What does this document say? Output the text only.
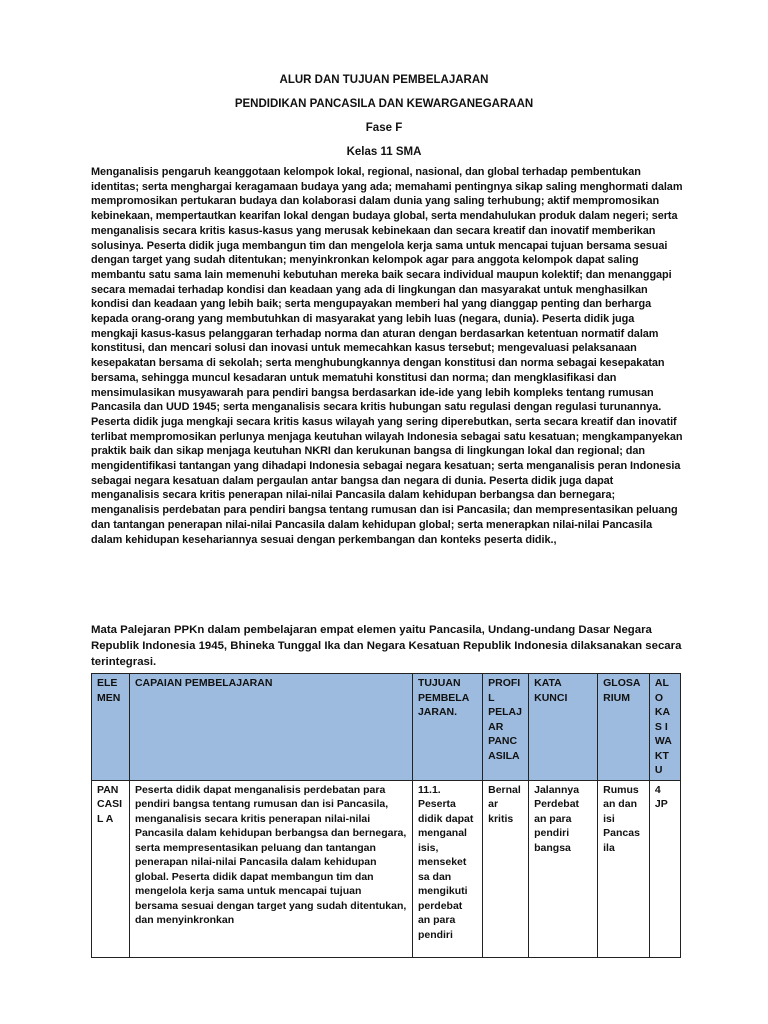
ALUR DAN TUJUAN PEMBELAJARAN
PENDIDIKAN PANCASILA DAN KEWARGANEGARAAN
Fase F
Kelas 11 SMA
Menganalisis pengaruh keanggotaan kelompok lokal, regional, nasional, dan global terhadap pembentukan identitas; serta menghargai keragamaan budaya yang ada; memahami pentingnya sikap saling menghormati dalam mempromosikan pertukaran budaya dan kolaborasi dalam dunia yang saling terhubung; aktif mempromosikan kebinekaan, mempertautkan kearifan lokal dengan budaya global, serta mendahulukan produk dalam negeri; serta menganalisis secara kritis kasus-kasus yang merusak kebinekaan dan secara kreatif dan inovatif memberikan solusinya. Peserta didik juga membangun tim dan mengelola kerja sama untuk mencapai tujuan bersama sesuai dengan target yang sudah ditentukan; menyinkronkan kelompok agar para anggota kelompok dapat saling membantu satu sama lain memenuhi kebutuhan mereka baik secara individual maupun kolektif; dan menanggapi secara memadai terhadap kondisi dan keadaan yang ada di lingkungan dan masyarakat untuk menghasilkan kondisi dan keadaan yang lebih baik; serta mengupayakan memberi hal yang dianggap penting dan berharga kepada orang-orang yang membutuhkan di masyarakat yang lebih luas (negara, dunia). Peserta didik juga mengkaji kasus-kasus pelanggaran terhadap norma dan aturan dengan berdasarkan ketentuan normatif dalam konstitusi, dan mencari solusi dan inovasi untuk memecahkan kasus tersebut; mengevaluasi pelaksanaan kesepakatan bersama di sekolah; serta menghubungkannya dengan konstitusi dan norma sebagai kesepakatan bersama, sehingga muncul kesadaran untuk mematuhi konstitusi dan norma; dan mengklasifikasi dan mensimulasikan musyawarah para pendiri bangsa berdasarkan ide-ide yang lebih kompleks tentang rumusan Pancasila dan UUD 1945; serta menganalisis secara kritis hubungan satu regulasi dengan regulasi turunannya. Peserta didik juga mengkaji secara kritis kasus wilayah yang sering diperebutkan, serta secara kreatif dan inovatif terlibat mempromosikan perlunya menjaga keutuhan wilayah Indonesia sebagai satu kesatuan; mengkampanyekan praktik baik dan sikap menjaga keutuhan NKRI dan kerukunan bangsa di lingkungan lokal dan regional; dan mengidentifikasi tantangan yang dihadapi Indonesia sebagai negara kesatuan; serta menganalisis peran Indonesia sebagai negara kesatuan dalam pergaulan antar bangsa dan negara di dunia. Peserta didik juga dapat menganalisis secara kritis penerapan nilai-nilai Pancasila dalam kehidupan berbangsa dan bernegara; menganalisis perdebatan para pendiri bangsa tentang rumusan dan isi Pancasila; dan mempresentasikan peluang dan tantangan penerapan nilai-nilai Pancasila dalam kehidupan global; serta menerapkan nilai-nilai Pancasila dalam kehidupan kesehariannya sesuai dengan perkembangan dan konteks peserta didik.,
Mata Palejaran PPKn dalam pembelajaran empat elemen yaitu Pancasila, Undang-undang Dasar Negara Republik Indonesia 1945, Bhineka Tunggal Ika dan Negara Kesatuan Republik Indonesia dilaksanakan secara terintegrasi.
ELE MEN	CAPAIAN PEMBELAJARAN	TUJUAN PEMBELA JARAN.	PROFI L PELAJ AR PANC ASILA	KATA KUNCI	GLOSA RIUM	ALO KAS I WA KTU
PAN CASIL A	Peserta didik dapat menganalisis perdebatan para pendiri bangsa tentang rumusan dan isi Pancasila, menganalisis secara kritis penerapan nilai-nilai Pancasila dalam kehidupan berbangsa dan bernegara, serta mempresentasikan peluang dan tantangan penerapan nilai-nilai Pancasila dalam kehidupan global. Peserta didik dapat membangun tim dan mengelola kerja sama untuk mencapai tujuan bersama sesuai dengan target yang sudah ditentukan, dan menyinkronkan	11.1. Peserta didik dapat menganal isis, menseket sa dan mengikuti perdebat an para pendiri	Bernal ar kritis	Jalannya Perdebat an para pendiri bangsa	Rumus an dan isi Pancas ila	4 JP
